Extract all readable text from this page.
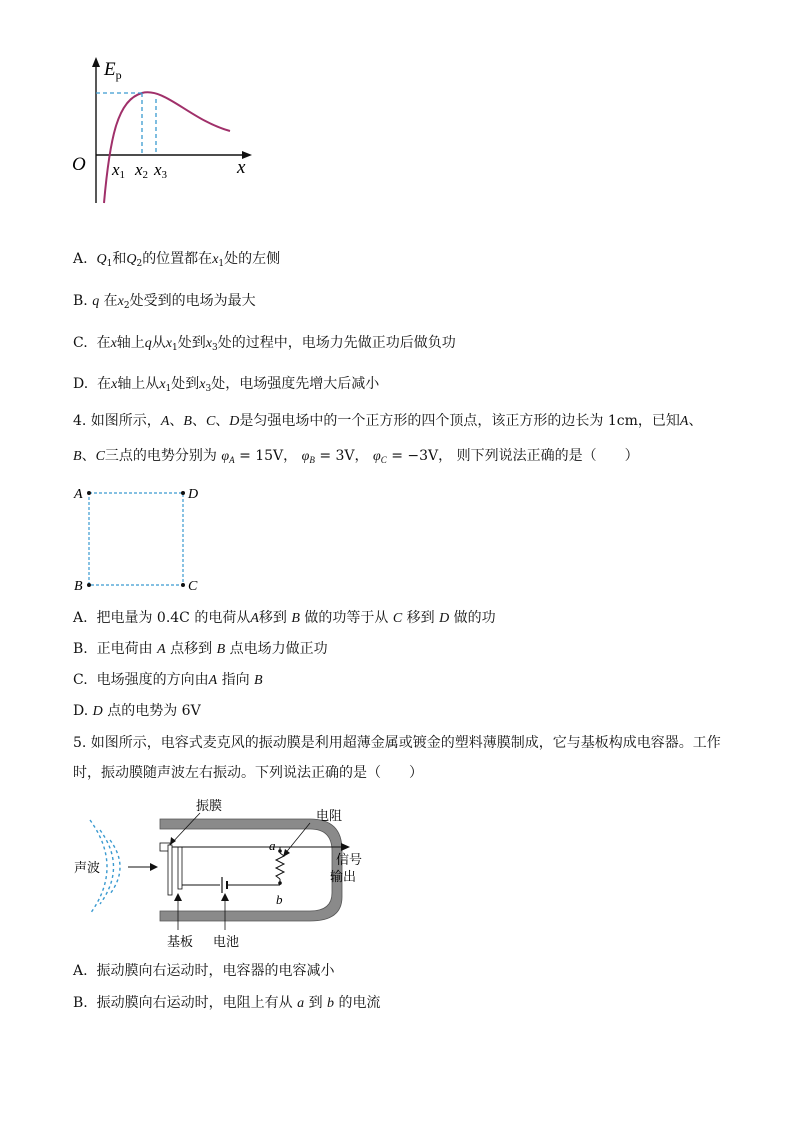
$E_p$
O	x
x1 x2 x3
A. $Q_1$和$Q_2$的位置都在$x_1$处的左侧
B. q 在$x_2$处受到的电场为最大
C. 在x轴上q从$x_1$处到$x_3$处的过程中，电场力先做正功后做负功
D. 在x轴上从$x_1$处到$x_3$处，电场强度先增大后减小
4. 如图所示，A、B、C、D是匀强电场中的一个正方形的四个顶点，该正方形的边长为 1cm，已知A、
B、C三点的电势分别为 $\varphi_A = 15V$， $\varphi_B = 3V$， $\varphi_C = -3V$， 则下列说法正确的是（　　）
A	D
B	C
A. 把电量为 0.4C 的电荷从A移到 B 做的功等于从 C 移到 D 做的功
B. 正电荷由 A 点移到 B 点电场力做正功
C. 电场强度的方向由A 指向 B
D. D 点的电势为 6V
5. 如图所示，电容式麦克风的振动膜是利用超薄金属或镀金的塑料薄膜制成，它与基板构成电容器。工作
时，振动膜随声波左右振动。下列说法正确的是（　　）
振膜
电阻
声波
信号
输出
a
b
基板 电池
A. 振动膜向右运动时，电容器的电容减小
B. 振动膜向右运动时，电阻上有从 a 到 b 的电流
